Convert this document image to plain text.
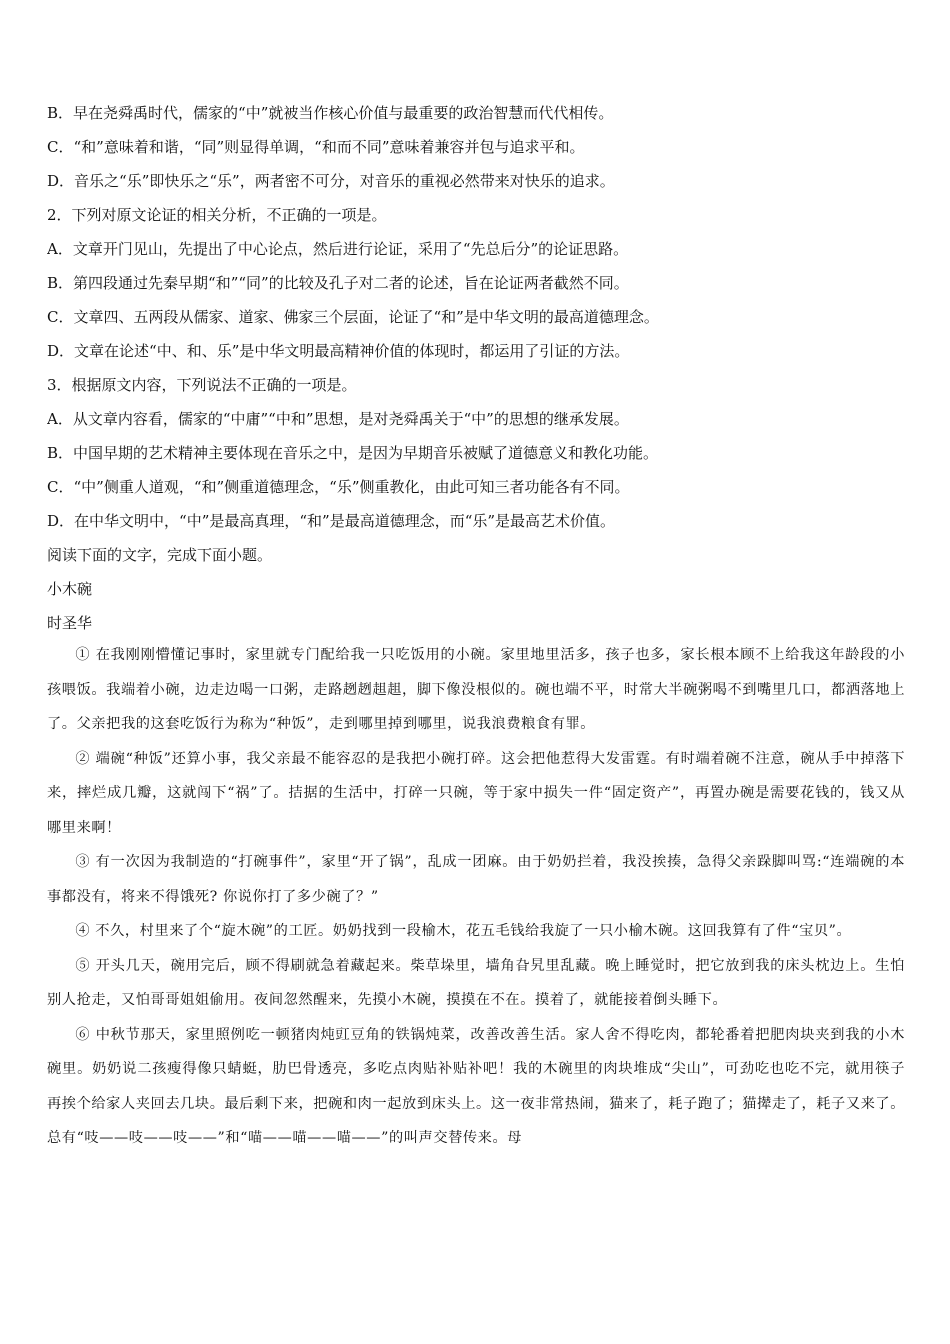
B．早在尧舜禹时代，儒家的“中”就被当作核心价值与最重要的政治智慧而代代相传。
C．“和”意味着和谐，“同”则显得单调，“和而不同”意味着兼容并包与追求平和。
D．音乐之“乐”即快乐之“乐”，两者密不可分，对音乐的重视必然带来对快乐的追求。
2．下列对原文论证的相关分析，不正确的一项是。
A．文章开门见山，先提出了中心论点，然后进行论证，采用了“先总后分”的论证思路。
B．第四段通过先秦早期“和”“同”的比较及孔子对二者的论述，旨在论证两者截然不同。
C．文章四、五两段从儒家、道家、佛家三个层面，论证了“和”是中华文明的最高道德理念。
D．文章在论述“中、和、乐”是中华文明最高精神价值的体现时，都运用了引证的方法。
3．根据原文内容，下列说法不正确的一项是。
A．从文章内容看，儒家的“中庸”“中和”思想，是对尧舜禹关于“中”的思想的继承发展。
B．中国早期的艺术精神主要体现在音乐之中，是因为早期音乐被赋了道德意义和教化功能。
C．“中”侧重人道观，“和”侧重道德理念，“乐”侧重教化，由此可知三者功能各有不同。
D．在中华文明中，“中”是最高真理，“和”是最高道德理念，而“乐”是最高艺术价值。
阅读下面的文字，完成下面小题。
小木碗
时圣华

① 在我刚刚懵懂记事时，家里就专门配给我一只吃饭用的小碗。家里地里活多，孩子也多，家长根本顾不上给我这年龄段的小孩喂饭。我端着小碗，边走边喝一口粥，走路趔趔趄趄，脚下像没根似的。碗也端不平，时常大半碗粥喝不到嘴里几口，都洒落地上了。父亲把我的这套吃饭行为称为“种饭”，走到哪里掉到哪里，说我浪费粮食有罪。

② 端碗“种饭”还算小事，我父亲最不能容忍的是我把小碗打碎。这会把他惹得大发雷霆。有时端着碗不注意，碗从手中掉落下来，摔烂成几瓣，这就闯下“祸”了。拮据的生活中，打碎一只碗，等于家中损失一件“固定资产”，再置办碗是需要花钱的，钱又从哪里来啊！

③ 有一次因为我制造的“打碗事件”，家里“开了锅”，乱成一团麻。由于奶奶拦着，我没挨揍，急得父亲跺脚叫骂:“连端碗的本事都没有，将来不得饿死? 你说你打了多少碗了？”

④ 不久，村里来了个“旋木碗”的工匠。奶奶找到一段榆木，花五毛钱给我旋了一只小榆木碗。这回我算有了件“宝贝”。

⑤ 开头几天，碗用完后，顾不得刷就急着藏起来。柴草垛里，墙角旮旯里乱藏。晚上睡觉时，把它放到我的床头枕边上。生怕别人抢走，又怕哥哥姐姐偷用。夜间忽然醒来，先摸小木碗，摸摸在不在。摸着了，就能接着倒头睡下。

⑥ 中秋节那天，家里照例吃一顿猪肉炖豇豆角的铁锅炖菜，改善改善生活。家人舍不得吃肉，都轮番着把肥肉块夹到我的小木碗里。奶奶说二孩瘦得像只蜻蜓，肋巴骨透亮，多吃点肉贴补贴补吧！我的木碗里的肉块堆成“尖山”，可劲吃也吃不完，就用筷子再挨个给家人夹回去几块。最后剩下来，把碗和肉一起放到床头上。这一夜非常热闹，猫来了，耗子跑了；猫撵走了，耗子又来了。总有“吱——吱——吱——”和“喵——喵——喵——”的叫声交替传来。母
